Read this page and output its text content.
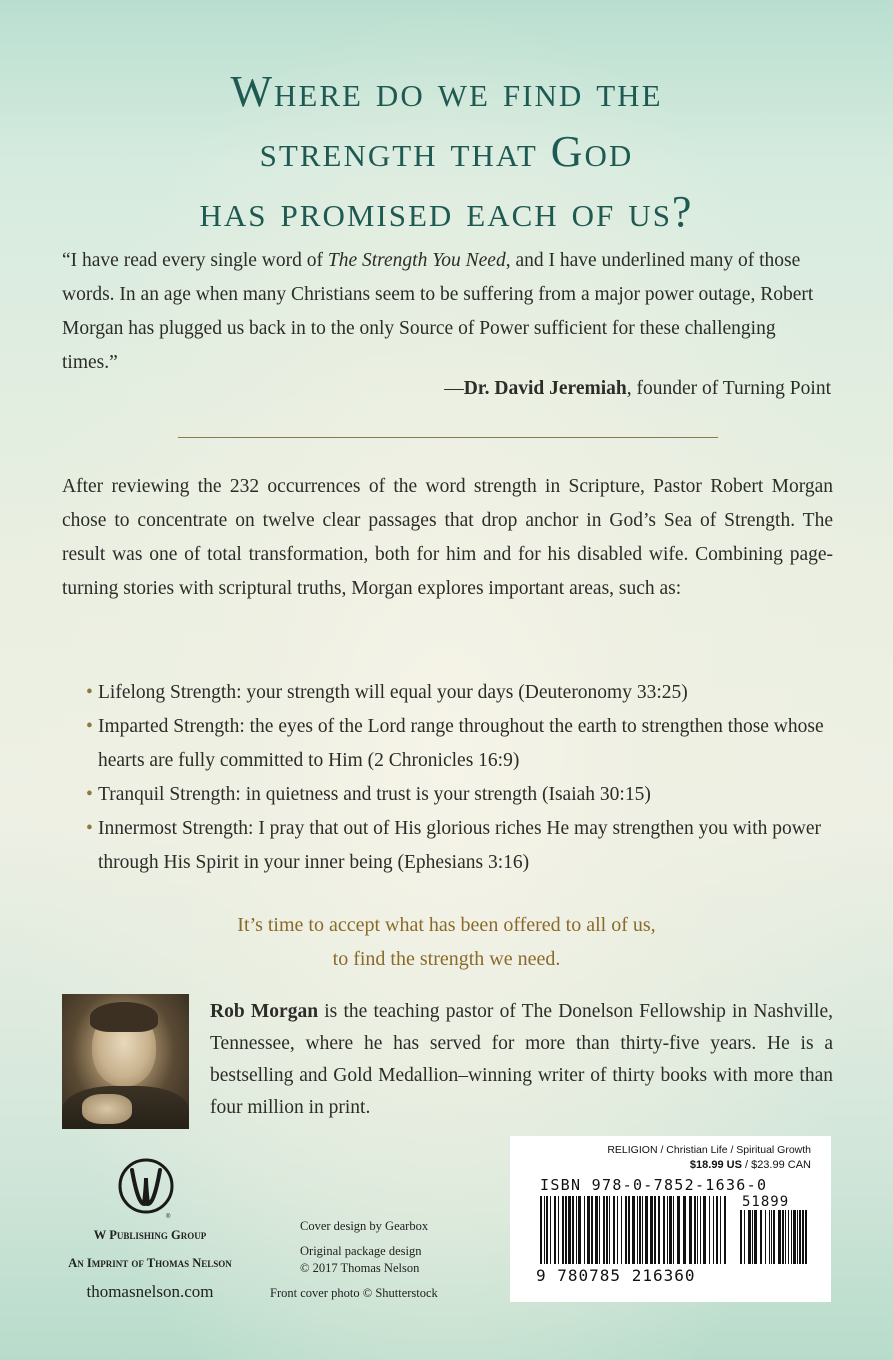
Where do we find the
strength that God
has promised each of us?
“I have read every single word of The Strength You Need, and I have underlined many of those words. In an age when many Christians seem to be suffering from a major power outage, Robert Morgan has plugged us back in to the only Source of Power sufficient for these challenging times.”
—Dr. David Jeremiah, founder of Turning Point
After reviewing the 232 occurrences of the word strength in Scripture, Pastor Robert Morgan chose to concentrate on twelve clear passages that drop anchor in God’s Sea of Strength. The result was one of total transformation, both for him and for his disabled wife. Combining page-turning stories with scriptural truths, Morgan explores important areas, such as:
• Lifelong Strength: your strength will equal your days (Deuteronomy 33:25)
• Imparted Strength: the eyes of the Lord range throughout the earth to strengthen those whose hearts are fully committed to Him (2 Chronicles 16:9)
• Tranquil Strength: in quietness and trust is your strength (Isaiah 30:15)
• Innermost Strength: I pray that out of His glorious riches He may strengthen you with power through His Spirit in your inner being (Ephesians 3:16)
It’s time to accept what has been offered to all of us,
to find the strength we need.
Rob Morgan is the teaching pastor of The Donelson Fellowship in Nashville, Tennessee, where he has served for more than thirty-five years. He is a bestselling and Gold Medallion–winning writer of thirty books with more than four million in print.
®
W Publishing Group
An Imprint of Thomas Nelson
thomasnelson.com
Cover design by Gearbox
Original package design
© 2017 Thomas Nelson
Front cover photo © Shutterstock
RELIGION / Christian Life / Spiritual Growth
$18.99 US / $23.99 CAN
ISBN 978-0-7852-1636-0
51899
9 780785 216360
